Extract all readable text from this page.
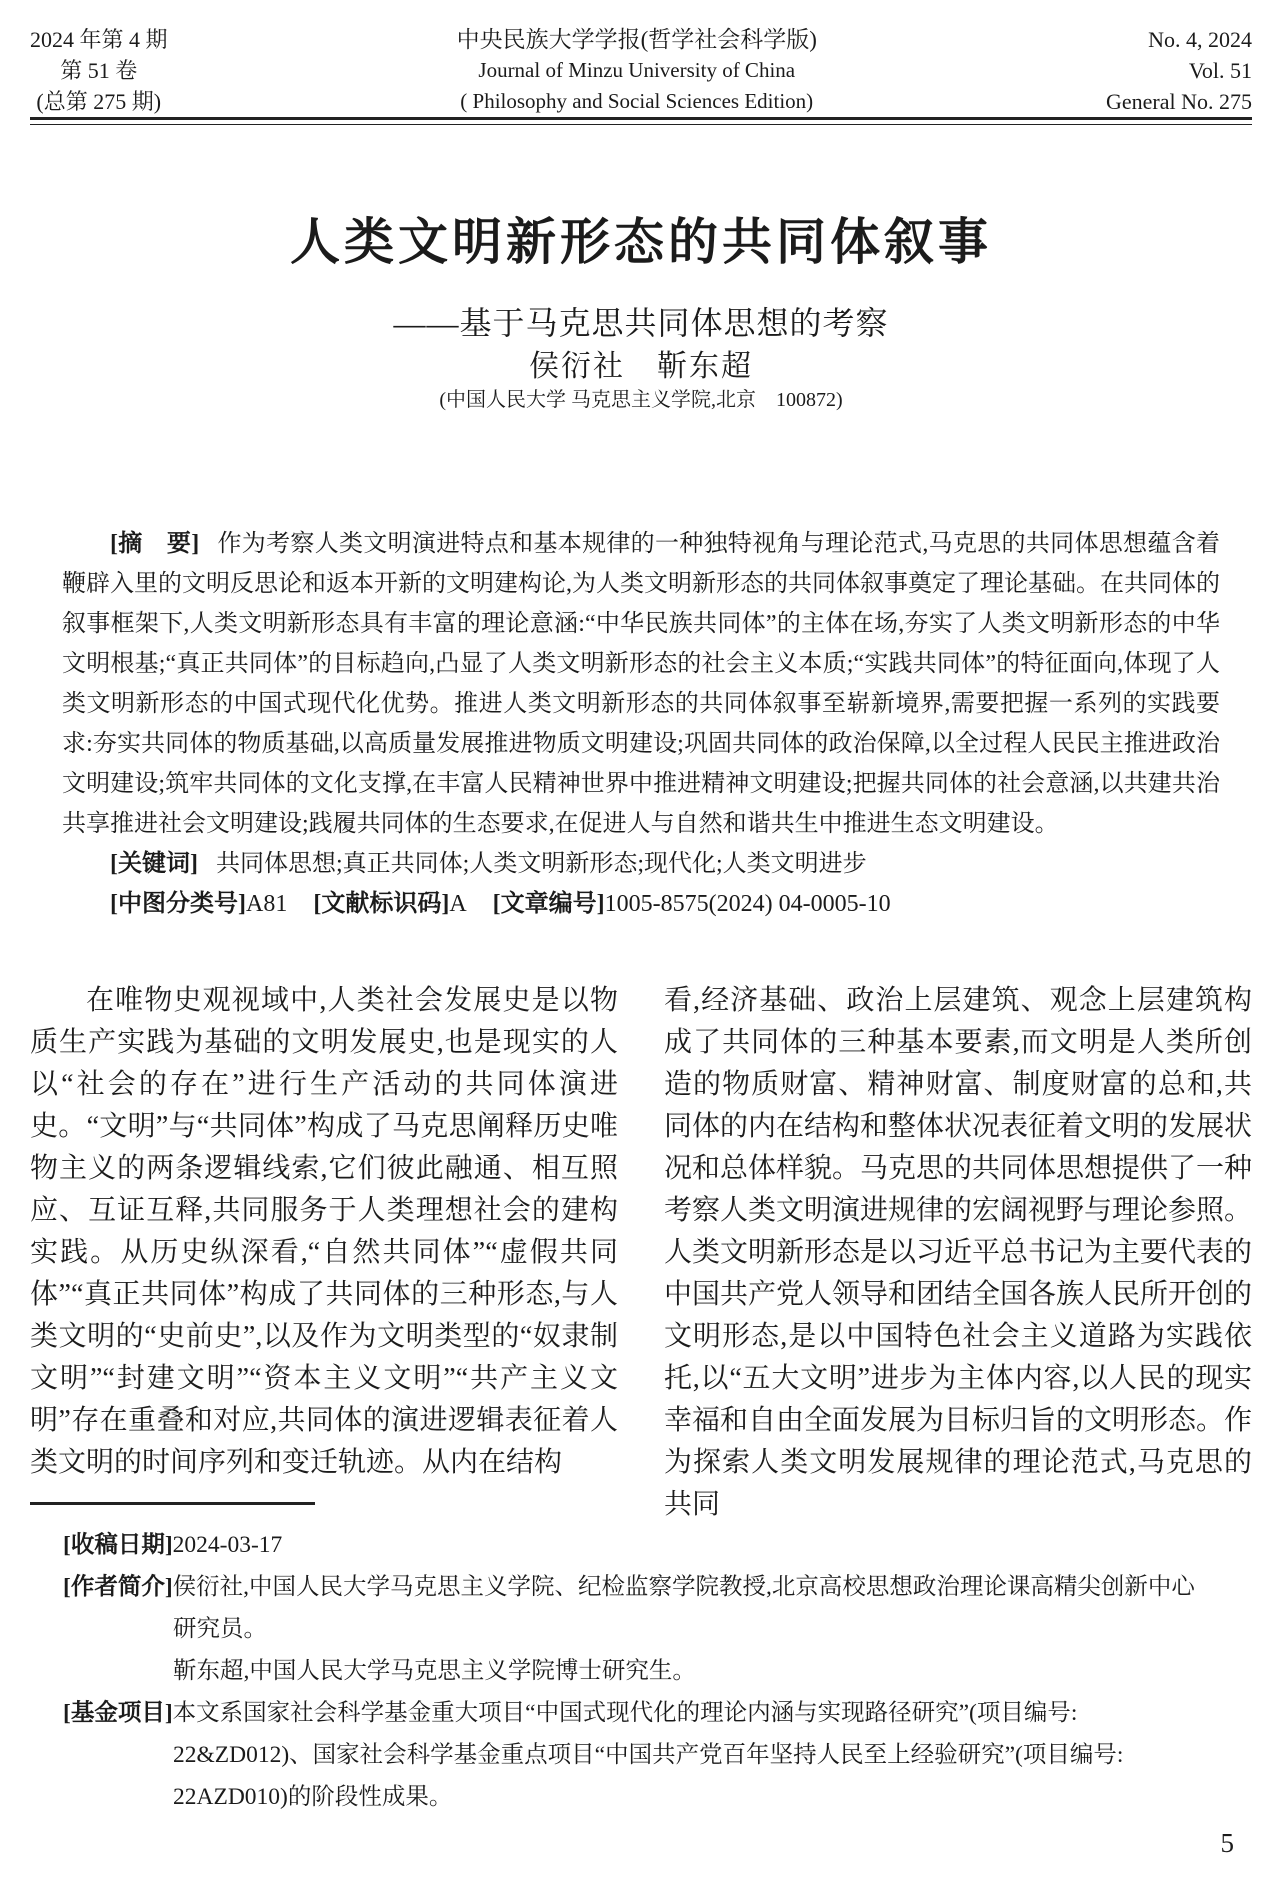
2024 年第 4 期
第 51 卷
(总第 275 期)
中央民族大学学报(哲学社会科学版)
Journal of Minzu University of China
( Philosophy and Social Sciences Edition)
No. 4, 2024
Vol. 51
General No. 275
人类文明新形态的共同体叙事
——基于马克思共同体思想的考察
侯衍社　靳东超
(中国人民大学 马克思主义学院,北京　100872)

[摘　要] 作为考察人类文明演进特点和基本规律的一种独特视角与理论范式,马克思的共同体思想蕴含着鞭辟入里的文明反思论和返本开新的文明建构论,为人类文明新形态的共同体叙事奠定了理论基础。在共同体的叙事框架下,人类文明新形态具有丰富的理论意涵:“中华民族共同体”的主体在场,夯实了人类文明新形态的中华文明根基;“真正共同体”的目标趋向,凸显了人类文明新形态的社会主义本质;“实践共同体”的特征面向,体现了人类文明新形态的中国式现代化优势。推进人类文明新形态的共同体叙事至崭新境界,需要把握一系列的实践要求:夯实共同体的物质基础,以高质量发展推进物质文明建设;巩固共同体的政治保障,以全过程人民民主推进政治文明建设;筑牢共同体的文化支撑,在丰富人民精神世界中推进精神文明建设;把握共同体的社会意涵,以共建共治共享推进社会文明建设;践履共同体的生态要求,在促进人与自然和谐共生中推进生态文明建设。

[关键词] 共同体思想;真正共同体;人类文明新形态;现代化;人类文明进步

[中图分类号]A81 [文献标识码]A [文章编号]1005-8575(2024) 04-0005-10

在唯物史观视域中,人类社会发展史是以物质生产实践为基础的文明发展史,也是现实的人以“社会的存在”进行生产活动的共同体演进史。“文明”与“共同体”构成了马克思阐释历史唯物主义的两条逻辑线索,它们彼此融通、相互照应、互证互释,共同服务于人类理想社会的建构实践。从历史纵深看,“自然共同体”“虚假共同体”“真正共同体”构成了共同体的三种形态,与人类文明的“史前史”,以及作为文明类型的“奴隶制文明”“封建文明”“资本主义文明”“共产主义文明”存在重叠和对应,共同体的演进逻辑表征着人类文明的时间序列和变迁轨迹。从内在结构

看,经济基础、政治上层建筑、观念上层建筑构成了共同体的三种基本要素,而文明是人类所创造的物质财富、精神财富、制度财富的总和,共同体的内在结构和整体状况表征着文明的发展状况和总体样貌。马克思的共同体思想提供了一种考察人类文明演进规律的宏阔视野与理论参照。人类文明新形态是以习近平总书记为主要代表的中国共产党人领导和团结全国各族人民所开创的文明形态,是以中国特色社会主义道路为实践依托,以“五大文明”进步为主体内容,以人民的现实幸福和自由全面发展为目标归旨的文明形态。作为探索人类文明发展规律的理论范式,马克思的共同

[收稿日期]2024-03-17
[作者简介]侯衍社,中国人民大学马克思主义学院、纪检监察学院教授,北京高校思想政治理论课高精尖创新中心
研究员。
靳东超,中国人民大学马克思主义学院博士研究生。
[基金项目]本文系国家社会科学基金重大项目“中国式现代化的理论内涵与实现路径研究”(项目编号:
22&ZD012)、国家社会科学基金重点项目“中国共产党百年坚持人民至上经验研究”(项目编号:
22AZD010)的阶段性成果。
5
